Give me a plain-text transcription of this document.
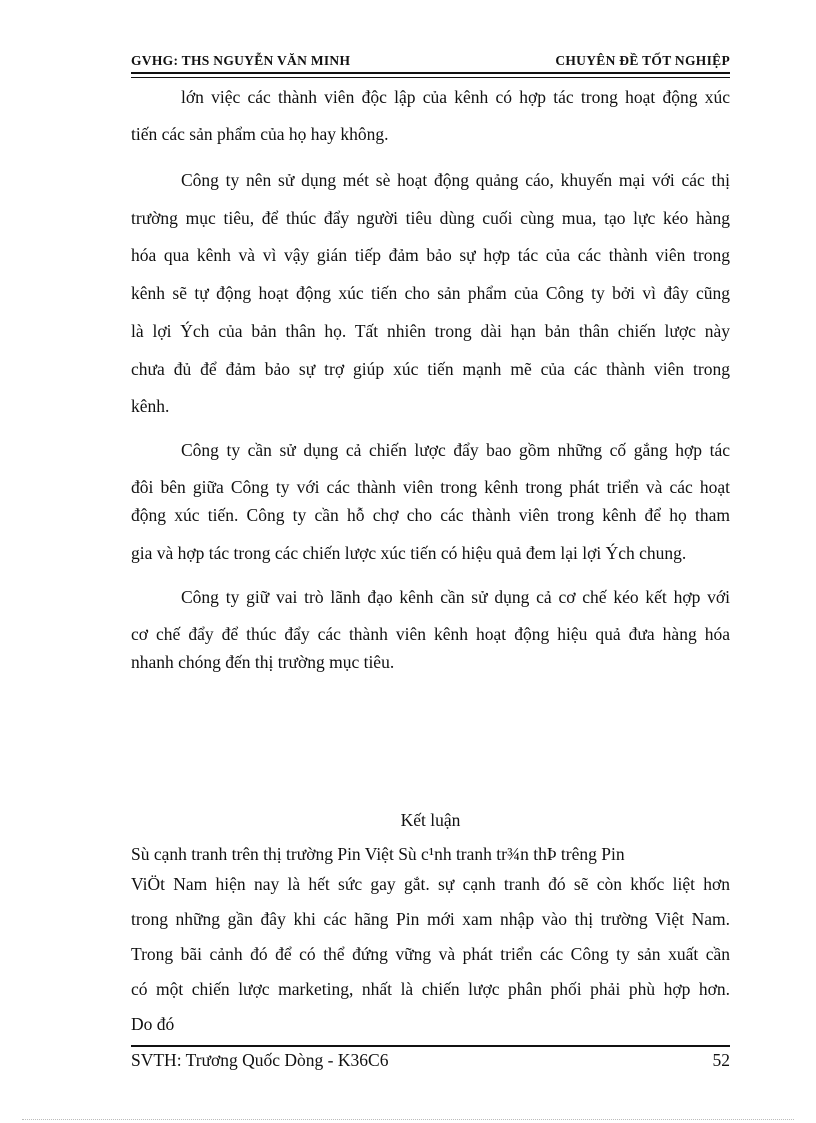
GVHG: THS NGUYỄN VĂN MINH	CHUYÊN ĐỀ TỐT NGHIỆP
lớn việc các thành viên độc lập của kênh có hợp tác trong hoạt động xúc
tiến các sản phẩm của họ hay không.
Công ty nên sử dụng mét sè hoạt động quảng cáo, khuyến mại với các thị
trường mục tiêu, để thúc đẩy người tiêu dùng cuối cùng mua, tạo lực kéo hàng
hóa qua kênh và vì vậy gián tiếp đảm bảo sự hợp tác của các thành viên trong
kênh sẽ tự động hoạt động xúc tiến cho sản phẩm của Công ty bởi vì đây cũng
là lợi Ých của bản thân họ. Tất nhiên trong dài hạn bản thân chiến lược này
chưa đủ để đảm bảo sự trợ giúp xúc tiến mạnh mẽ của các thành viên trong
kênh.
Công ty cần sử dụng cả chiến lược đẩy bao gồm những cố gắng hợp tác
đôi bên giữa Công ty với các thành viên trong kênh trong phát triển và các hoạt
động xúc tiến. Công ty cần hỗ chợ cho các thành viên trong kênh để họ tham
gia và hợp tác trong các chiến lược xúc tiến có hiệu quả đem lại lợi Ých chung.
Công ty giữ vai trò lãnh đạo kênh cần sử dụng cả cơ chế kéo kết hợp với
cơ chế đẩy để thúc đẩy các thành viên kênh hoạt động hiệu quả đưa hàng hóa
nhanh chóng đến thị trường mục tiêu.
Kết luận
Sù cạnh tranh trên thị trường Pin Việt Sù c¹nh tranh tr¾n thÞ trêng Pin
ViÖt Nam hiện nay là hết sức gay gắt. sự cạnh tranh đó sẽ còn khốc liệt hơn
trong những gần đây khi các hãng Pin mới xam nhập vào thị trường Việt Nam.
Trong bãi cảnh đó để có thể đứng vững và phát triển các Công ty sản xuất cần
có một chiến lược marketing, nhất là chiến lược phân phối phải phù hợp hơn.
Do đó
SVTH: Trương Quốc Dòng - K36C6	52
